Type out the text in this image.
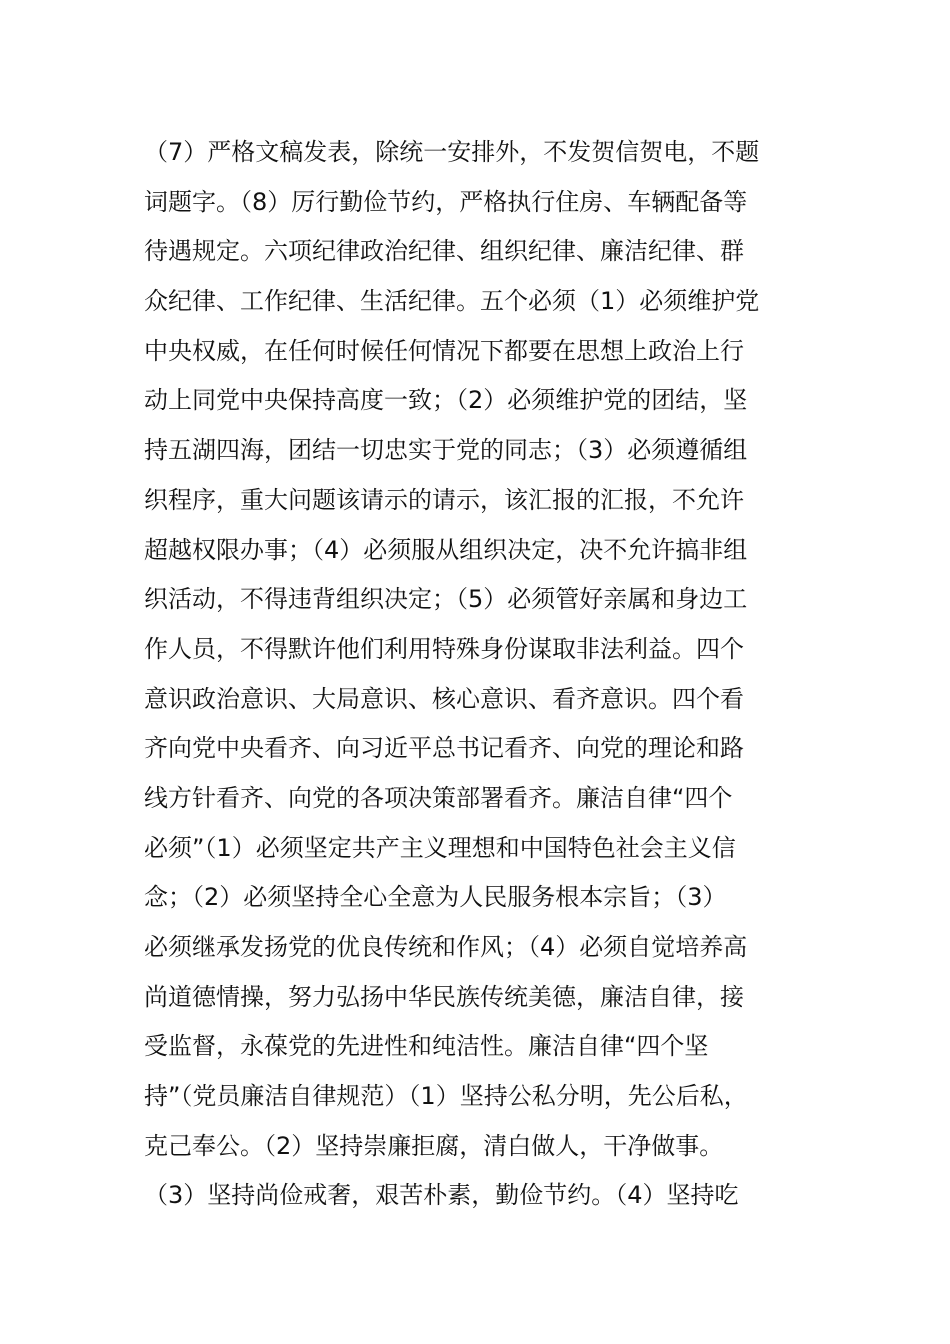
（7）严格文稿发表，除统一安排外，不发贺信贺电，不题
词题字。（8）厉行勤俭节约，严格执行住房、车辆配备等
待遇规定。六项纪律政治纪律、组织纪律、廉洁纪律、群
众纪律、工作纪律、生活纪律。五个必须（1）必须维护党
中央权威，在任何时候任何情况下都要在思想上政治上行
动上同党中央保持高度一致；（2）必须维护党的团结，坚
持五湖四海，团结一切忠实于党的同志；（3）必须遵循组
织程序，重大问题该请示的请示，该汇报的汇报，不允许
超越权限办事；（4）必须服从组织决定，决不允许搞非组
织活动，不得违背组织决定；（5）必须管好亲属和身边工
作人员，不得默许他们利用特殊身份谋取非法利益。四个
意识政治意识、大局意识、核心意识、看齐意识。四个看
齐向党中央看齐、向习近平总书记看齐、向党的理论和路
线方针看齐、向党的各项决策部署看齐。廉洁自律“四个
必须”（1）必须坚定共产主义理想和中国特色社会主义信
念；（2）必须坚持全心全意为人民服务根本宗旨；（3）
必须继承发扬党的优良传统和作风；（4）必须自觉培养高
尚道德情操，努力弘扬中华民族传统美德，廉洁自律，接
受监督，永葆党的先进性和纯洁性。廉洁自律“四个坚
持”（党员廉洁自律规范）（1）坚持公私分明，先公后私，
克己奉公。（2）坚持崇廉拒腐，清白做人，干净做事。
（3）坚持尚俭戒奢，艰苦朴素，勤俭节约。（4）坚持吃
